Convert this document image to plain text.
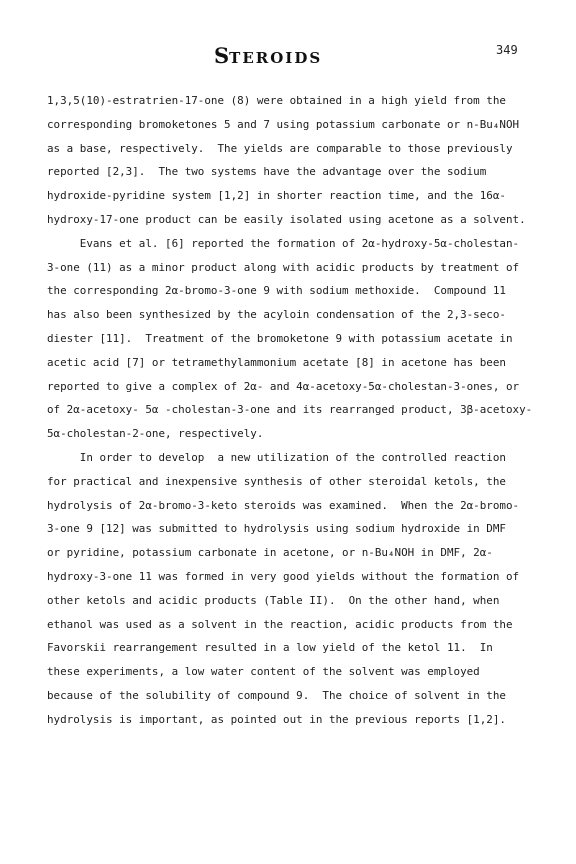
STEROIDS	349
1,3,5(10)-estratrien-17-one (8) were obtained in a high yield from the
corresponding bromoketones 5 and 7 using potassium carbonate or n-Bu₄NOH
as a base, respectively.  The yields are comparable to those previously
reported [2,3].  The two systems have the advantage over the sodium
hydroxide-pyridine system [1,2] in shorter reaction time, and the 16α-
hydroxy-17-one product can be easily isolated using acetone as a solvent.
Evans et al. [6] reported the formation of 2α-hydroxy-5α-cholestan-
3-one (11) as a minor product along with acidic products by treatment of
the corresponding 2α-bromo-3-one 9 with sodium methoxide.  Compound 11
has also been synthesized by the acyloin condensation of the 2,3-seco-
diester [11].  Treatment of the bromoketone 9 with potassium acetate in
acetic acid [7] or tetramethylammonium acetate [8] in acetone has been
reported to give a complex of 2α- and 4α-acetoxy-5α-cholestan-3-ones, or
of 2α-acetoxy- 5α -cholestan-3-one and its rearranged product, 3β-acetoxy-
5α-cholestan-2-one, respectively.
In order to develop  a new utilization of the controlled reaction
for practical and inexpensive synthesis of other steroidal ketols, the
hydrolysis of 2α-bromo-3-keto steroids was examined.  When the 2α-bromo-
3-one 9 [12] was submitted to hydrolysis using sodium hydroxide in DMF
or pyridine, potassium carbonate in acetone, or n-Bu₄NOH in DMF, 2α-
hydroxy-3-one 11 was formed in very good yields without the formation of
other ketols and acidic products (Table II).  On the other hand, when
ethanol was used as a solvent in the reaction, acidic products from the
Favorskii rearrangement resulted in a low yield of the ketol 11.  In
these experiments, a low water content of the solvent was employed
because of the solubility of compound 9.  The choice of solvent in the
hydrolysis is important, as pointed out in the previous reports [1,2].
